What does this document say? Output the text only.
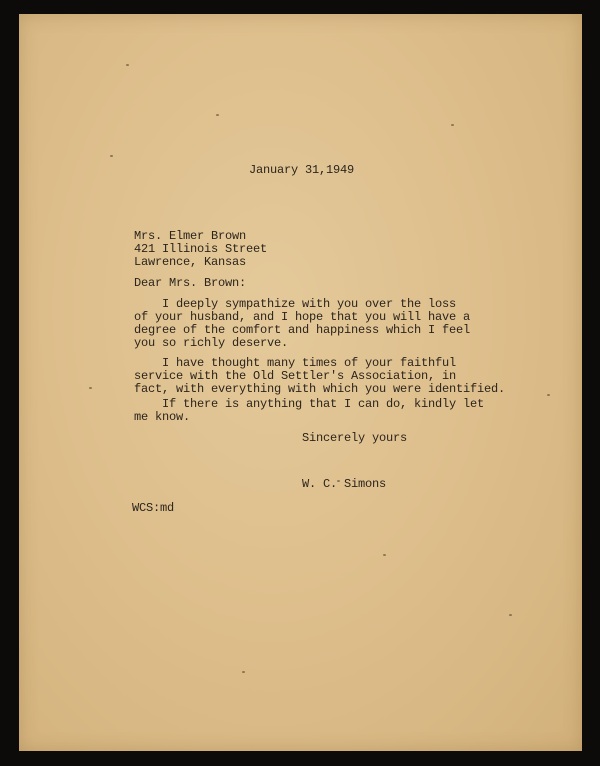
January 31,1949
Mrs. Elmer Brown
421 Illinois Street
Lawrence, Kansas
Dear Mrs. Brown:
I deeply sympathize with you over the loss
of your husband, and I hope that you will have a
degree of the comfort and happiness which I feel
you so richly deserve.
I have thought many times of your faithful
service with the Old Settler's Association, in
fact, with everything with which you were identified.
If there is anything that I can do, kindly let
me know.
Sincerely yours
W. C. Simons
WCS:md
